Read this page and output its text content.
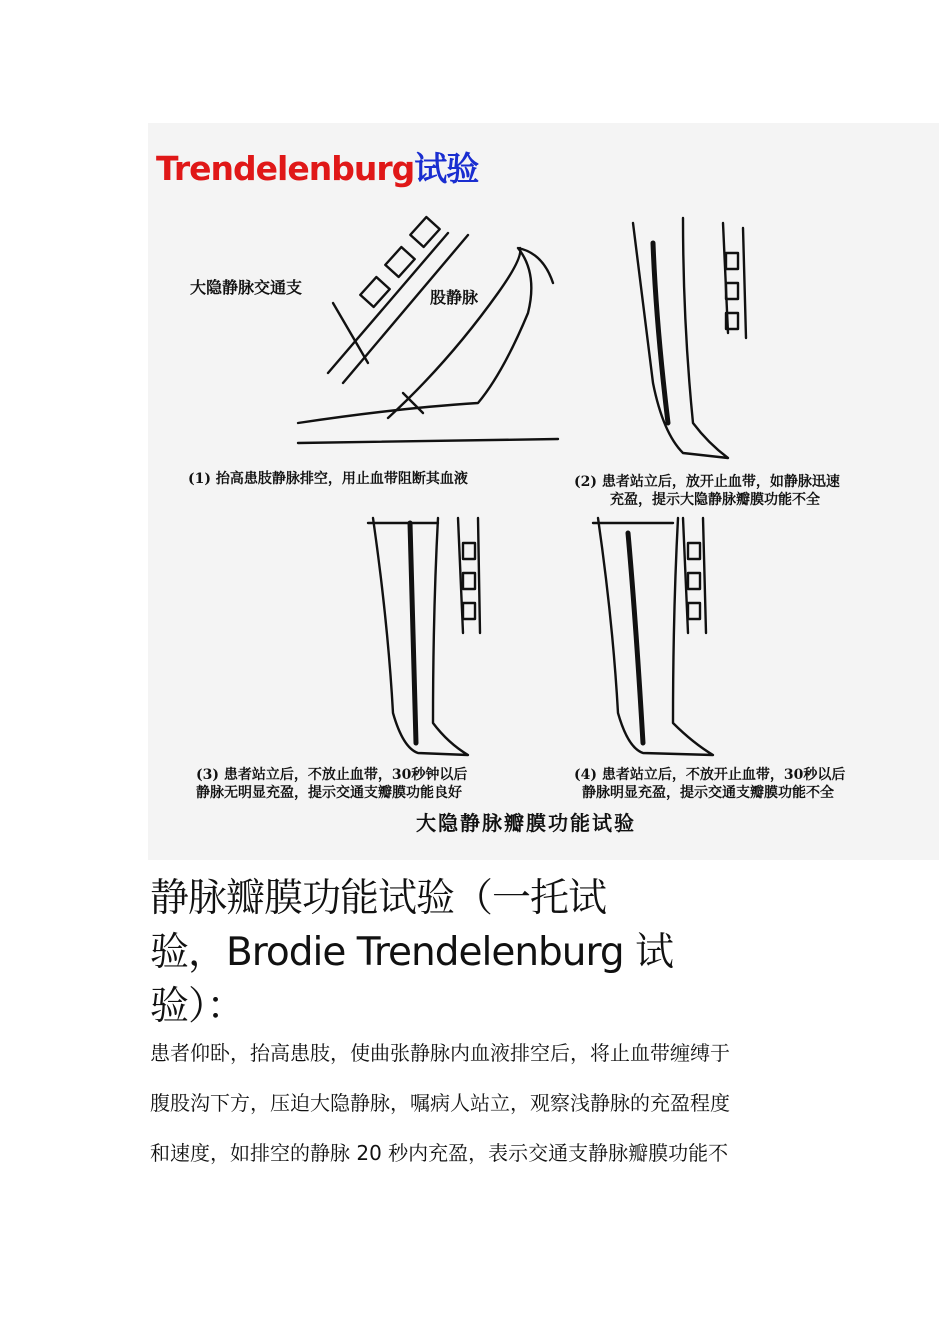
Trendelenburg试验
大隐静脉交通支
股静脉
(1) 抬高患肢静脉排空，用止血带阻断其血液	(2) 患者站立后，放开止血带，如静脉迅速
充盈，提示大隐静脉瓣膜功能不全
(3) 患者站立后，不放止血带，30秒钟以后
静脉无明显充盈，提示交通支瓣膜功能良好
(4) 患者站立后，不放开止血带，30秒以后
静脉明显充盈，提示交通支瓣膜功能不全
大隐静脉瓣膜功能试验
静脉瓣膜功能试验（一托试
验，Brodie Trendelenburg 试
验）：
患者仰卧，抬高患肢，使曲张静脉内血液排空后，将止血带缠缚于
腹股沟下方，压迫大隐静脉，嘱病人站立，观察浅静脉的充盈程度
和速度，如排空的静脉 20 秒内充盈，表示交通支静脉瓣膜功能不
